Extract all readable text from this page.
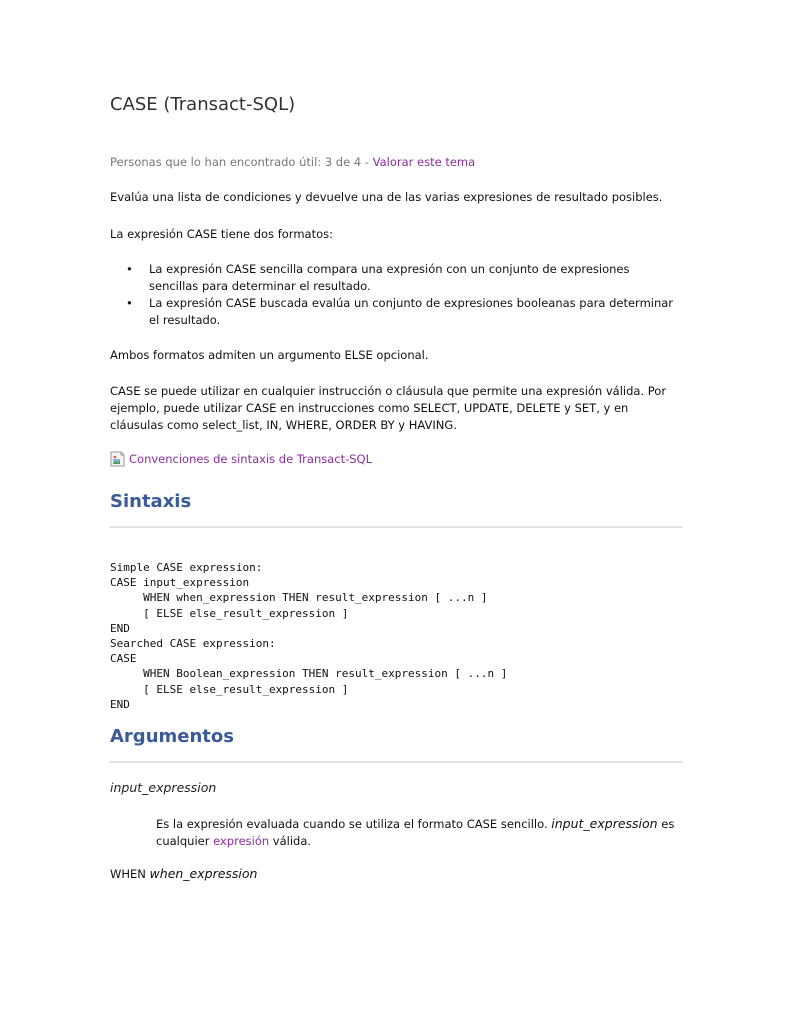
CASE (Transact-SQL)
Personas que lo han encontrado útil: 3 de 4 - Valorar este tema
Evalúa una lista de condiciones y devuelve una de las varias expresiones de resultado posibles.
La expresión CASE tiene dos formatos:
• La expresión CASE sencilla compara una expresión con un conjunto de expresiones sencillas para determinar el resultado.
• La expresión CASE buscada evalúa un conjunto de expresiones booleanas para determinar el resultado.
Ambos formatos admiten un argumento ELSE opcional.
CASE se puede utilizar en cualquier instrucción o cláusula que permite una expresión válida. Por ejemplo, puede utilizar CASE en instrucciones como SELECT, UPDATE, DELETE y SET, y en cláusulas como select_list, IN, WHERE, ORDER BY y HAVING.
Convenciones de sintaxis de Transact-SQL
Sintaxis
Simple CASE expression:
CASE input_expression
WHEN when_expression THEN result_expression [ ...n ]
[ ELSE else_result_expression ]
END
Searched CASE expression:
CASE
WHEN Boolean_expression THEN result_expression [ ...n ]
[ ELSE else_result_expression ]
END
Argumentos
input_expression
Es la expresión evaluada cuando se utiliza el formato CASE sencillo. input_expression es cualquier expresión válida.
WHEN when_expression
